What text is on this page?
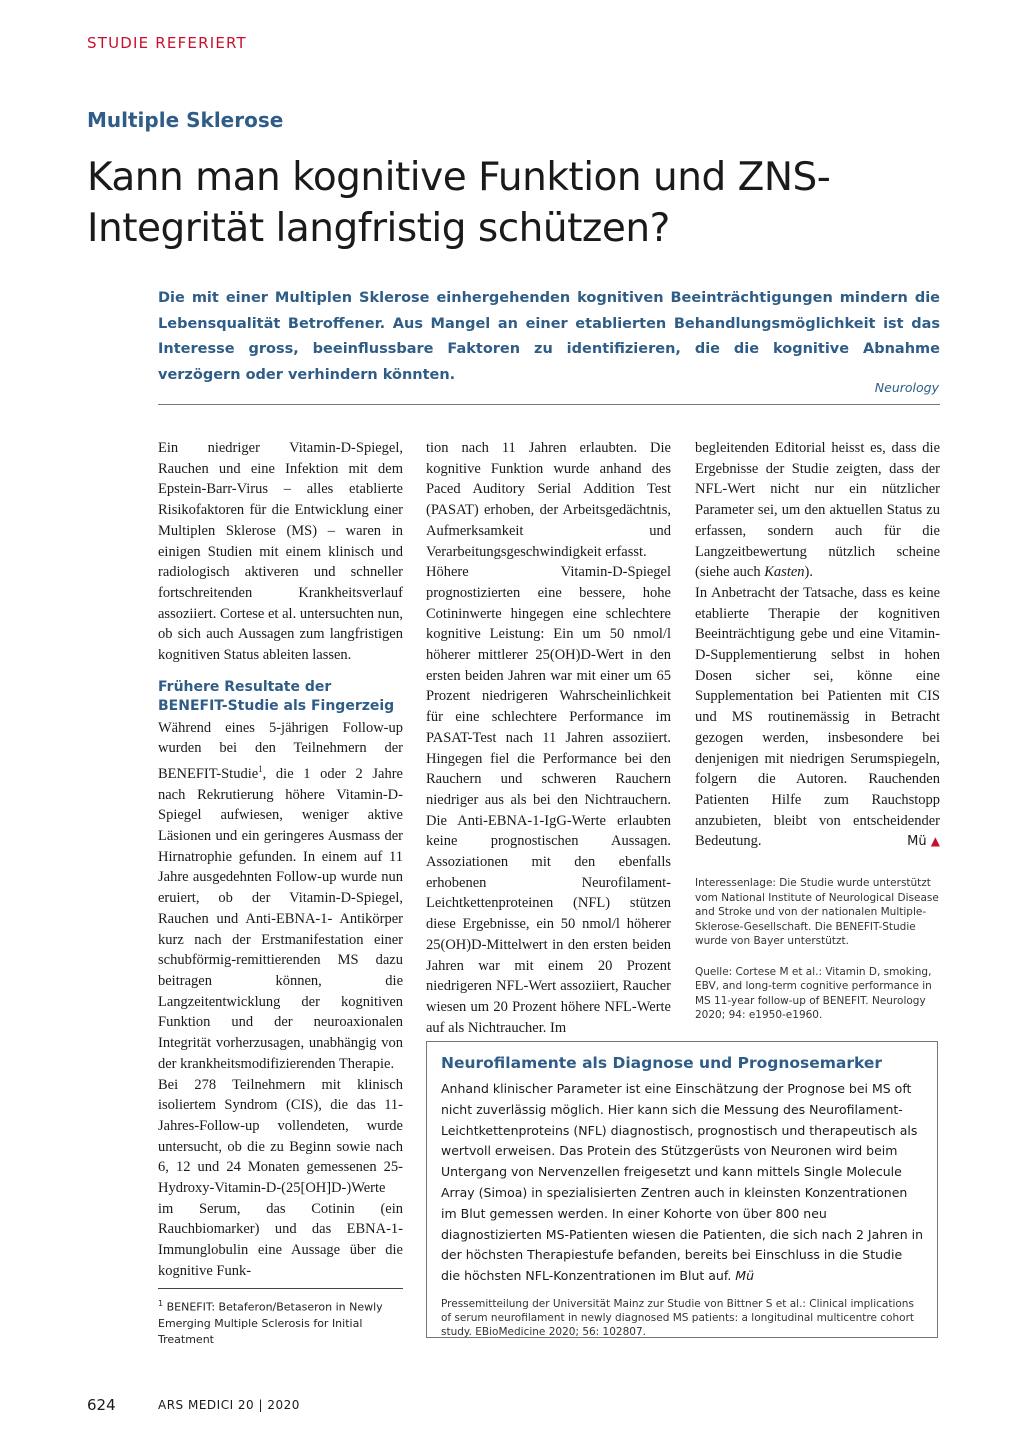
STUDIE REFERIERT
Multiple Sklerose
Kann man kognitive Funktion und ZNS-Integrität langfristig schützen?

Die mit einer Multiplen Sklerose einhergehenden kognitiven Beeinträchtigungen mindern die Lebensqualität Betroffener. Aus Mangel an einer etablierten Behandlungsmöglichkeit ist das Interesse gross, beeinflussbare Faktoren zu identifizieren, die die kognitive Abnahme verzögern oder verhindern könnten.

Neurology

Ein niedriger Vitamin-D-Spiegel, Rauchen und eine Infektion mit dem Epstein-Barr-Virus – alles etablierte Risikofaktoren für die Entwicklung einer Multiplen Sklerose (MS) – waren in einigen Studien mit einem klinisch und radiologisch aktiveren und schneller fortschreitenden Krankheitsverlauf assoziiert. Cortese et al. untersuchten nun, ob sich auch Aussagen zum langfristigen kognitiven Status ableiten lassen.

Frühere Resultate der BENEFIT-Studie als Fingerzeig

Während eines 5-jährigen Follow-up wurden bei den Teilnehmern der BENEFIT-Studie$^1$, die 1 oder 2 Jahre nach Rekrutierung höhere Vitamin-D-Spiegel aufwiesen, weniger aktive Läsionen und ein geringeres Ausmass der Hirnatrophie gefunden. In einem auf 11 Jahre ausgedehnten Follow-up wurde nun eruiert, ob der Vitamin-D-Spiegel, Rauchen und Anti-EBNA-1- Antikörper kurz nach der Erstmanifestation einer schubförmig-remittierenden MS dazu beitragen können, die Langzeitentwicklung der kognitiven Funktion und der neuroaxionalen Integrität vorherzusagen, unabhängig von der krankheitsmodifizierenden Therapie.

Bei 278 Teilnehmern mit klinisch isoliertem Syndrom (CIS), die das 11-Jahres-Follow-up vollendeten, wurde untersucht, ob die zu Beginn sowie nach 6, 12 und 24 Monaten gemessenen 25-Hydroxy-Vitamin-D-(25[OH]D-)Werte im Serum, das Cotinin (ein Rauchbiomarker) und das EBNA-1-Immunglobulin eine Aussage über die kognitive Funk-

tion nach 11 Jahren erlaubten. Die kognitive Funktion wurde anhand des Paced Auditory Serial Addition Test (PASAT) erhoben, der Arbeitsgedächtnis, Aufmerksamkeit und Verarbeitungsgeschwindigkeit erfasst.

Höhere Vitamin-D-Spiegel prognostizierten eine bessere, hohe Cotininwerte hingegen eine schlechtere kognitive Leistung: Ein um 50 nmol/l höherer mittlerer 25(OH)D-Wert in den ersten beiden Jahren war mit einer um 65 Prozent niedrigeren Wahrscheinlichkeit für eine schlechtere Performance im PASAT-Test nach 11 Jahren assoziiert. Hingegen fiel die Performance bei den Rauchern und schweren Rauchern niedriger aus als bei den Nichtrauchern. Die Anti-EBNA-1-IgG-Werte erlaubten keine prognostischen Aussagen. Assoziationen mit den ebenfalls erhobenen Neurofilament-Leichtkettenproteinen (NFL) stützen diese Ergebnisse, ein 50 nmol/l höherer 25(OH)D-Mittelwert in den ersten beiden Jahren war mit einem 20 Prozent niedrigeren NFL-Wert assoziiert, Raucher wiesen um 20 Prozent höhere NFL-Werte auf als Nichtraucher. Im

begleitenden Editorial heisst es, dass die Ergebnisse der Studie zeigten, dass der NFL-Wert nicht nur ein nützlicher Parameter sei, um den aktuellen Status zu erfassen, sondern auch für die Langzeitbewertung nützlich scheine (siehe auch Kasten).

In Anbetracht der Tatsache, dass es keine etablierte Therapie der kognitiven Beeinträchtigung gebe und eine Vitamin-D-Supplementierung selbst in hohen Dosen sicher sei, könne eine Supplementation bei Patienten mit CIS und MS routinemässig in Betracht gezogen werden, insbesondere bei denjenigen mit niedrigen Serumspiegeln, folgern die Autoren. Rauchenden Patienten Hilfe zum Rauchstopp anzubieten, bleibt von entscheidender Bedeutung.	Mü ▲

Interessenlage: Die Studie wurde unterstützt vom National Institute of Neurological Disease and Stroke und von der nationalen Multiple-Sklerose-Gesellschaft. Die BENEFIT-Studie wurde von Bayer unterstützt.

Quelle: Cortese M et al.: Vitamin D, smoking, EBV, and long-term cognitive performance in MS 11-year follow-up of BENEFIT. Neurology 2020; 94: e1950-e1960.

$^1$ BENEFIT: Betaferon/Betaseron in Newly Emerging Multiple Sclerosis for Initial Treatment

Neurofilamente als Diagnose und Prognosemarker

Anhand klinischer Parameter ist eine Einschätzung der Prognose bei MS oft nicht zuverlässig möglich. Hier kann sich die Messung des Neurofilament-Leichtkettenproteins (NFL) diagnostisch, prognostisch und therapeutisch als wertvoll erweisen. Das Protein des Stützgerüsts von Neuronen wird beim Untergang von Nervenzellen freigesetzt und kann mittels Single Molecule Array (Simoa) in spezialisierten Zentren auch in kleinsten Konzentrationen im Blut gemessen werden. In einer Kohorte von über 800 neu diagnostizierten MS-Patienten wiesen die Patienten, die sich nach 2 Jahren in der höchsten Therapiestufe befanden, bereits bei Einschluss in die Studie die höchsten NFL-Konzentrationen im Blut auf. Mü

Pressemitteilung der Universität Mainz zur Studie von Bittner S et al.: Clinical implications of serum neurofilament in newly diagnosed MS patients: a longitudinal multicentre cohort study. EBioMedicine 2020; 56: 102807.

624	ARS MEDICI 20 | 2020
